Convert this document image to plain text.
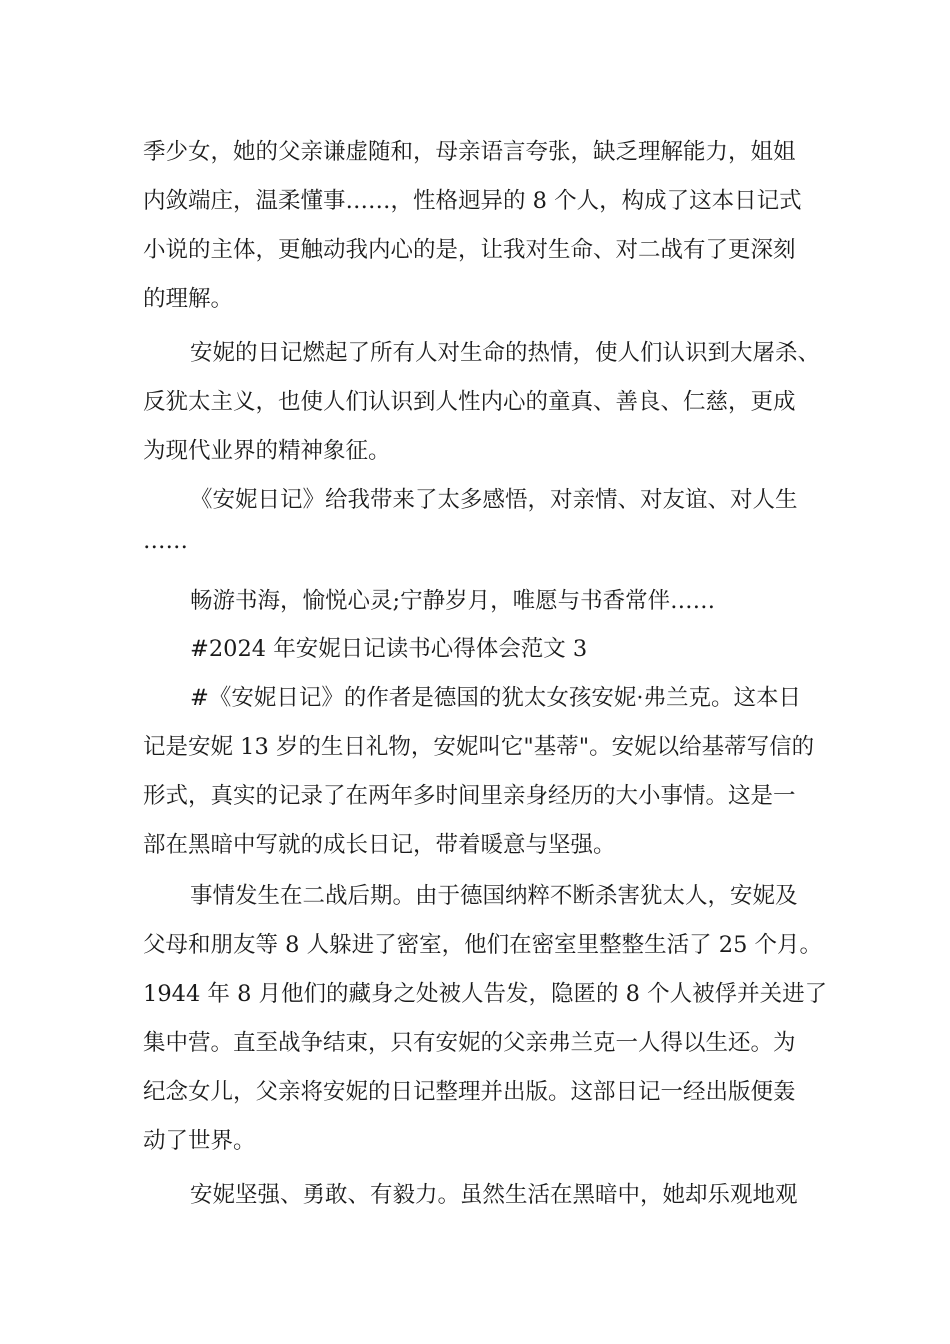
季少女，她的父亲谦虚随和，母亲语言夸张，缺乏理解能力，姐姐
内敛端庄，温柔懂事……，性格迥异的 8 个人，构成了这本日记式
小说的主体，更触动我内心的是，让我对生命、对二战有了更深刻
的理解。
安妮的日记燃起了所有人对生命的热情，使人们认识到大屠杀、
反犹太主义，也使人们认识到人性内心的童真、善良、仁慈，更成
为现代业界的精神象征。
《安妮日记》给我带来了太多感悟，对亲情、对友谊、对人生
……
畅游书海，愉悦心灵;宁静岁月，唯愿与书香常伴……
#2024 年安妮日记读书心得体会范文 3
#《安妮日记》的作者是德国的犹太女孩安妮·弗兰克。这本日
记是安妮 13 岁的生日礼物，安妮叫它"基蒂"。安妮以给基蒂写信的
形式，真实的记录了在两年多时间里亲身经历的大小事情。这是一
部在黑暗中写就的成长日记，带着暖意与坚强。
事情发生在二战后期。由于德国纳粹不断杀害犹太人，安妮及
父母和朋友等 8 人躲进了密室，他们在密室里整整生活了 25 个月。
1944 年 8 月他们的藏身之处被人告发，隐匿的 8 个人被俘并关进了
集中营。直至战争结束，只有安妮的父亲弗兰克一人得以生还。为
纪念女儿，父亲将安妮的日记整理并出版。这部日记一经出版便轰
动了世界。
安妮坚强、勇敢、有毅力。虽然生活在黑暗中，她却乐观地观
